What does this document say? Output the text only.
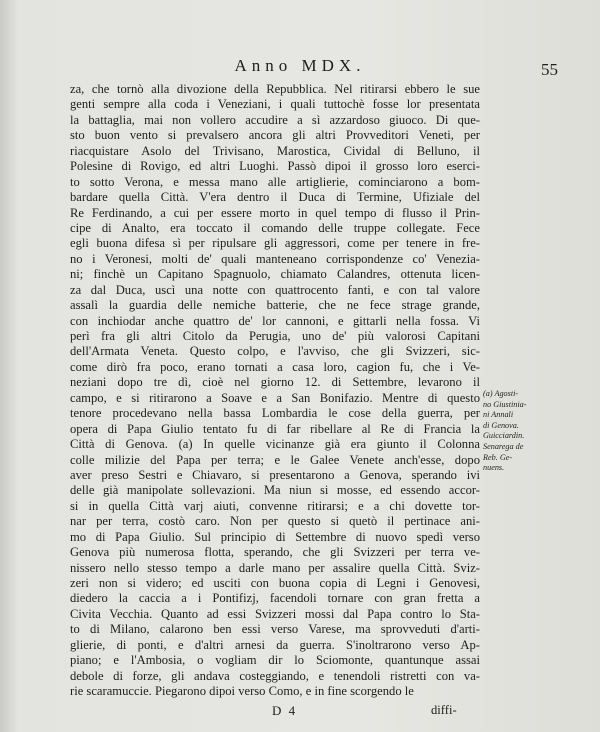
Anno MDX.	55
za, che tornò alla divozione della Repubblica. Nel ritirarsi ebbero le sue
genti sempre alla coda i Veneziani, i quali tuttochè fosse lor presentata
la battaglia, mai non vollero accudire a sì azzardoso giuoco. Di que-
sto buon vento si prevalsero ancora gli altri Provveditori Veneti, per
riacquistare Asolo del Trivisano, Marostica, Cividal di Belluno, il
Polesine di Rovigo, ed altri Luoghi. Passò dipoi il grosso loro eserci-
to sotto Verona, e messa mano alle artiglierie, cominciarono a bom-
bardare quella Città. V'era dentro il Duca di Termine, Ufiziale del
Re Ferdinando, a cui per essere morto in quel tempo di flusso il Prin-
cipe di Analto, era toccato il comando delle truppe collegate. Fece
egli buona difesa sì per ripulsare gli aggressori, come per tenere in fre-
no i Veronesi, molti de' quali manteneano corrispondenze co' Venezia-
ni; finchè un Capitano Spagnuolo, chiamato Calandres, ottenuta licen-
za dal Duca, uscì una notte con quattrocento fanti, e con tal valore
assalì la guardia delle nemiche batterie, che ne fece strage grande,
con inchiodar anche quattro de' lor cannoni, e gittarli nella fossa. Vi
perì fra gli altri Citolo da Perugia, uno de' più valorosi Capitani
dell'Armata Veneta. Questo colpo, e l'avviso, che gli Svizzeri, sic-
come dirò fra poco, erano tornati a casa loro, cagion fu, che i Ve-
neziani dopo tre dì, cioè nel giorno 12. di Settembre, levarono il
campo, e si ritirarono a Soave e a San Bonifazio. Mentre di questo
tenore procedevano nella bassa Lombardia le cose della guerra, per
opera di Papa Giulio tentato fu di far ribellare al Re di Francia la
Città di Genova. (a) In quelle vicinanze già era giunto il Colonna
colle milizie del Papa per terra; e le Galee Venete anch'esse, dopo
aver preso Sestri e Chiavaro, si presentarono a Genova, sperando ivi
delle già manipolate sollevazioni. Ma niun si mosse, ed essendo accor-
si in quella Città varj aiuti, convenne ritirarsi; e a chi dovette tor-
nar per terra, costò caro. Non per questo si quetò il pertinace ani-
mo di Papa Giulio. Sul principio di Settembre di nuovo spedì verso
Genova più numerosa flotta, sperando, che gli Svizzeri per terra ve-
nissero nello stesso tempo a darle mano per assalire quella Città. Sviz-
zeri non si videro; ed usciti con buona copia di Legni i Genovesi,
diedero la caccia a i Pontifizj, facendoli tornare con gran fretta a
Civita Vecchia. Quanto ad essi Svizzeri mossi dal Papa contro lo Sta-
to di Milano, calarono ben essi verso Varese, ma sprovveduti d'arti-
glierie, di ponti, e d'altri arnesi da guerra. S'inoltrarono verso Ap-
piano; e l'Ambosia, o vogliam dir lo Sciomonte, quantunque assai
debole di forze, gli andava costeggiando, e tenendoli ristretti con va-
rie scaramuccie. Piegarono dipoi verso Como, e in fine scorgendo le
(a) Agosti-
no Giustinia-
ni Annali
di Genova.
Guicciardin.
Senarega de
Reb. Ge-
nuens.
D 4	diffi-
